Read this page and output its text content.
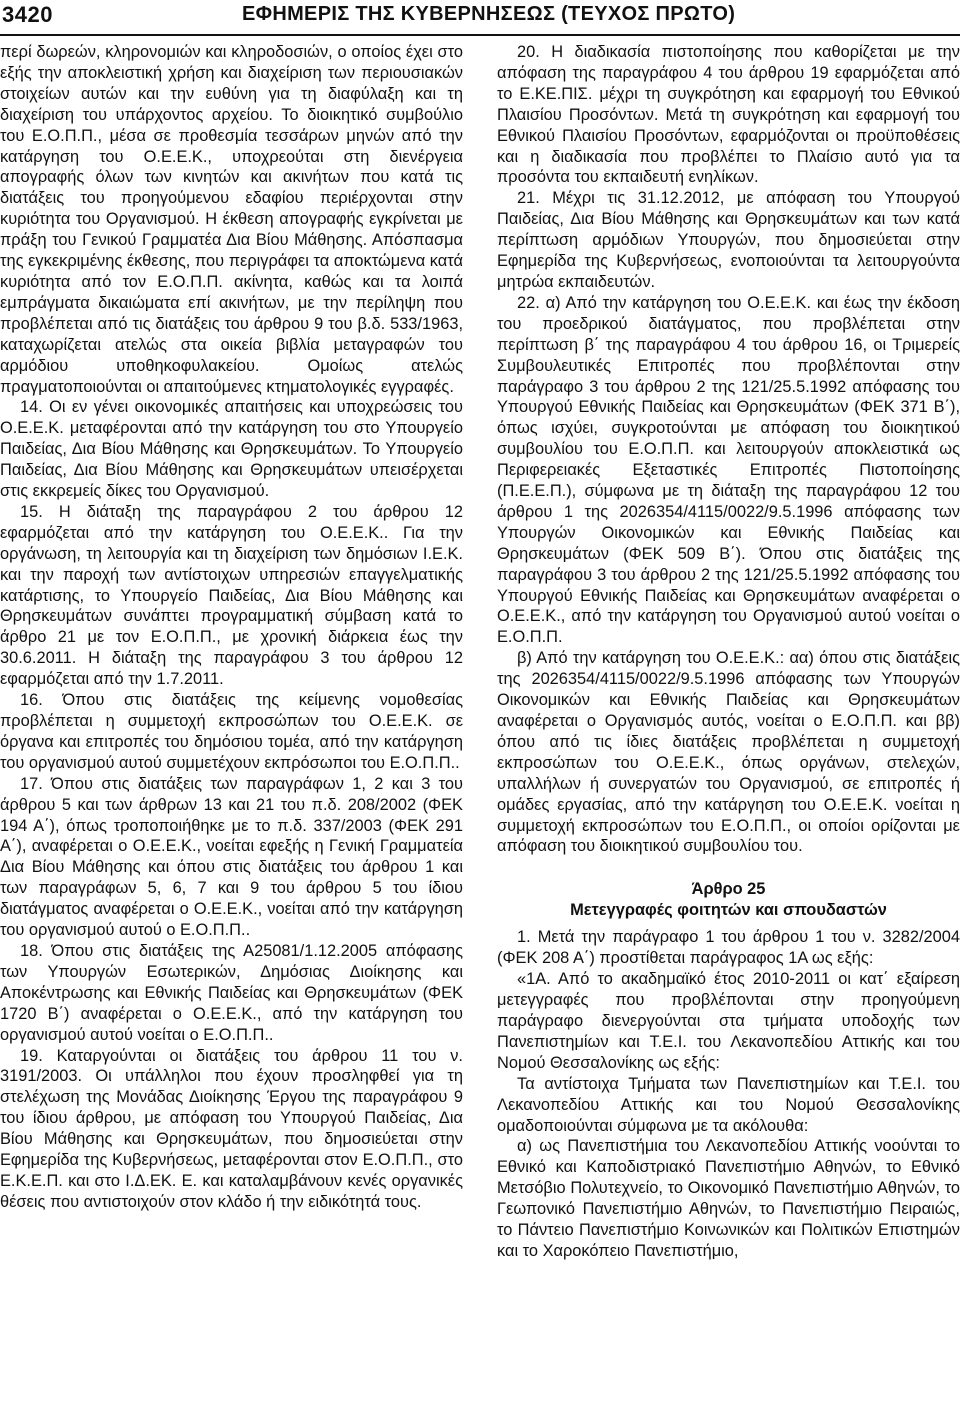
3420	ΕΦΗΜΕΡΙΣ ΤΗΣ ΚΥΒΕΡΝΗΣΕΩΣ (ΤΕΥΧΟΣ ΠΡΩΤΟ)

περί δωρεών, κληρονομιών και κληροδοσιών, ο οποίος έχει στο εξής την αποκλειστική χρήση και διαχείριση των περιουσιακών στοιχείων αυτών και την ευθύνη για τη διαφύλαξη και τη διαχείριση του υπάρχοντος αρχείου. Το διοικητικό συμβούλιο του Ε.Ο.Π.Π., μέσα σε προθεσμία τεσσάρων μηνών από την κατάργηση του Ο.Ε.Ε.Κ., υποχρεούται στη διενέργεια απογραφής όλων των κινητών και ακινήτων που κατά τις διατάξεις του προηγούμενου εδαφίου περιέρχονται στην κυριότητα του Οργανισμού. Η έκθεση απογραφής εγκρίνεται με πράξη του Γενικού Γραμματέα Δια Βίου Μάθησης. Απόσπασμα της εγκεκριμένης έκθεσης, που περιγράφει τα αποκτώμενα κατά κυριότητα από τον Ε.Ο.Π.Π. ακίνητα, καθώς και τα λοιπά εμπράγματα δικαιώματα επί ακινήτων, με την περίληψη που προβλέπεται από τις διατάξεις του άρθρου 9 του β.δ. 533/1963, καταχωρίζεται ατελώς στα οικεία βιβλία μεταγραφών του αρμόδιου υποθηκοφυλακείου. Ομοίως ατελώς πραγματοποιούνται οι απαιτούμενες κτηματολογικές εγγραφές.

14. Οι εν γένει οικονομικές απαιτήσεις και υποχρεώσεις του Ο.Ε.Ε.Κ. μεταφέρονται από την κατάργηση του στο Υπουργείο Παιδείας, Δια Βίου Μάθησης και Θρησκευμάτων. Το Υπουργείο Παιδείας, Δια Βίου Μάθησης και Θρησκευμάτων υπεισέρχεται στις εκκρεμείς δίκες του Οργανισμού.

15. Η διάταξη της παραγράφου 2 του άρθρου 12 εφαρμόζεται από την κατάργηση του Ο.Ε.Ε.Κ.. Για την οργάνωση, τη λειτουργία και τη διαχείριση των δημόσιων Ι.Ε.Κ. και την παροχή των αντίστοιχων υπηρεσιών επαγγελματικής κατάρτισης, το Υπουργείο Παιδείας, Δια Βίου Μάθησης και Θρησκευμάτων συνάπτει προγραμματική σύμβαση κατά το άρθρο 21 με τον Ε.Ο.Π.Π., με χρονική διάρκεια έως την 30.6.2011. Η διάταξη της παραγράφου 3 του άρθρου 12 εφαρμόζεται από την 1.7.2011.

16. Όπου στις διατάξεις της κείμενης νομοθεσίας προβλέπεται η συμμετοχή εκπροσώπων του Ο.Ε.Ε.Κ. σε όργανα και επιτροπές του δημόσιου τομέα, από την κατάργηση του οργανισμού αυτού συμμετέχουν εκπρόσωποι του Ε.Ο.Π.Π..

17. Όπου στις διατάξεις των παραγράφων 1, 2 και 3 του άρθρου 5 και των άρθρων 13 και 21 του π.δ. 208/2002 (ΦΕΚ 194 Α΄), όπως τροποποιήθηκε με το π.δ. 337/2003 (ΦΕΚ 291 Α΄), αναφέρεται ο Ο.Ε.Ε.Κ., νοείται εφεξής η Γενική Γραμματεία Δια Βίου Μάθησης και όπου στις διατάξεις του άρθρου 1 και των παραγράφων 5, 6, 7 και 9 του άρθρου 5 του ίδιου διατάγματος αναφέρεται ο Ο.Ε.Ε.Κ., νοείται από την κατάργηση του οργανισμού αυτού ο Ε.Ο.Π.Π..

18. Όπου στις διατάξεις της Α25081/1.12.2005 απόφασης των Υπουργών Εσωτερικών, Δημόσιας Διοίκησης και Αποκέντρωσης και Εθνικής Παιδείας και Θρησκευμάτων (ΦΕΚ 1720 Β΄) αναφέρεται ο Ο.Ε.Ε.Κ., από την κατάργηση του οργανισμού αυτού νοείται ο Ε.Ο.Π.Π..

19. Καταργούνται οι διατάξεις του άρθρου 11 του ν. 3191/2003. Οι υπάλληλοι που έχουν προσληφθεί για τη στελέχωση της Μονάδας Διοίκησης Έργου της παραγράφου 9 του ίδιου άρθρου, με απόφαση του Υπουργού Παιδείας, Δια Βίου Μάθησης και Θρησκευμάτων, που δημοσιεύεται στην Εφημερίδα της Κυβερνήσεως, μεταφέρονται στον Ε.Ο.Π.Π., στο Ε.Κ.Ε.Π. και στο Ι.Δ.ΕΚ. Ε. και καταλαμβάνουν κενές οργανικές θέσεις που αντιστοιχούν στον κλάδο ή την ειδικότητά τους.

20. Η διαδικασία πιστοποίησης που καθορίζεται με την απόφαση της παραγράφου 4 του άρθρου 19 εφαρμόζεται από το Ε.ΚΕ.ΠΙΣ. μέχρι τη συγκρότηση και εφαρμογή του Εθνικού Πλαισίου Προσόντων. Μετά τη συγκρότηση και εφαρμογή του Εθνικού Πλαισίου Προσόντων, εφαρμόζονται οι προϋποθέσεις και η διαδικασία που προβλέπει το Πλαίσιο αυτό για τα προσόντα του εκπαιδευτή ενηλίκων.

21. Μέχρι τις 31.12.2012, με απόφαση του Υπουργού Παιδείας, Δια Βίου Μάθησης και Θρησκευμάτων και των κατά περίπτωση αρμόδιων Υπουργών, που δημοσιεύεται στην Εφημερίδα της Κυβερνήσεως, ενοποιούνται τα λειτουργούντα μητρώα εκπαιδευτών.

22. α) Από την κατάργηση του Ο.Ε.Ε.Κ. και έως την έκδοση του προεδρικού διατάγματος, που προβλέπεται στην περίπτωση β΄ της παραγράφου 4 του άρθρου 16, οι Τριμερείς Συμβουλευτικές Επιτροπές που προβλέπονται στην παράγραφο 3 του άρθρου 2 της 121/25.5.1992 απόφασης του Υπουργού Εθνικής Παιδείας και Θρησκευμάτων (ΦΕΚ 371 Β΄), όπως ισχύει, συγκροτούνται με απόφαση του διοικητικού συμβουλίου του Ε.Ο.Π.Π. και λειτουργούν αποκλειστικά ως Περιφερειακές Εξεταστικές Επιτροπές Πιστοποίησης (Π.Ε.Ε.Π.), σύμφωνα με τη διάταξη της παραγράφου 12 του άρθρου 1 της 2026354/4115/0022/9.5.1996 απόφασης των Υπουργών Οικονομικών και Εθνικής Παιδείας και Θρησκευμάτων (ΦΕΚ 509 Β΄). Όπου στις διατάξεις της παραγράφου 3 του άρθρου 2 της 121/25.5.1992 απόφασης του Υπουργού Εθνικής Παιδείας και Θρησκευμάτων αναφέρεται ο Ο.Ε.Ε.Κ., από την κατάργηση του Οργανισμού αυτού νοείται ο Ε.Ο.Π.Π.

β) Από την κατάργηση του Ο.Ε.Ε.Κ.: αα) όπου στις διατάξεις της 2026354/4115/0022/9.5.1996 απόφασης των Υπουργών Οικονομικών και Εθνικής Παιδείας και Θρησκευμάτων αναφέρεται ο Οργανισμός αυτός, νοείται ο Ε.Ο.Π.Π. και ββ) όπου από τις ίδιες διατάξεις προβλέπεται η συμμετοχή εκπροσώπων του Ο.Ε.Ε.Κ., όπως οργάνων, στελεχών, υπαλλήλων ή συνεργατών του Οργανισμού, σε επιτροπές ή ομάδες εργασίας, από την κατάργηση του Ο.Ε.Ε.Κ. νοείται η συμμετοχή εκπροσώπων του Ε.Ο.Π.Π., οι οποίοι ορίζονται με απόφαση του διοικητικού συμβουλίου του.

Άρθρο 25
Μετεγγραφές φοιτητών και σπουδαστών

1. Μετά την παράγραφο 1 του άρθρου 1 του ν. 3282/2004 (ΦΕΚ 208 Α΄) προστίθεται παράγραφος 1Α ως εξής:

«1Α. Από το ακαδημαϊκό έτος 2010-2011 οι κατ΄ εξαίρεση μετεγγραφές που προβλέπονται στην προηγούμενη παράγραφο διενεργούνται στα τμήματα υποδοχής των Πανεπιστημίων και Τ.Ε.Ι. του Λεκανοπεδίου Αττικής και του Νομού Θεσσαλονίκης ως εξής:

Τα αντίστοιχα Τμήματα των Πανεπιστημίων και Τ.Ε.Ι. του Λεκανοπεδίου Αττικής και του Νομού Θεσσαλονίκης ομαδοποιούνται σύμφωνα με τα ακόλουθα:

α) ως Πανεπιστήμια του Λεκανοπεδίου Αττικής νοούνται το Εθνικό και Καποδιστριακό Πανεπιστήμιο Αθηνών, το Εθνικό Μετσόβιο Πολυτεχνείο, το Οικονομικό Πανεπιστήμιο Αθηνών, το Γεωπονικό Πανεπιστήμιο Αθηνών, το Πανεπιστήμιο Πειραιώς, το Πάντειο Πανεπιστήμιο Κοινωνικών και Πολιτικών Επιστημών και το Χαροκόπειο Πανεπιστήμιο,
